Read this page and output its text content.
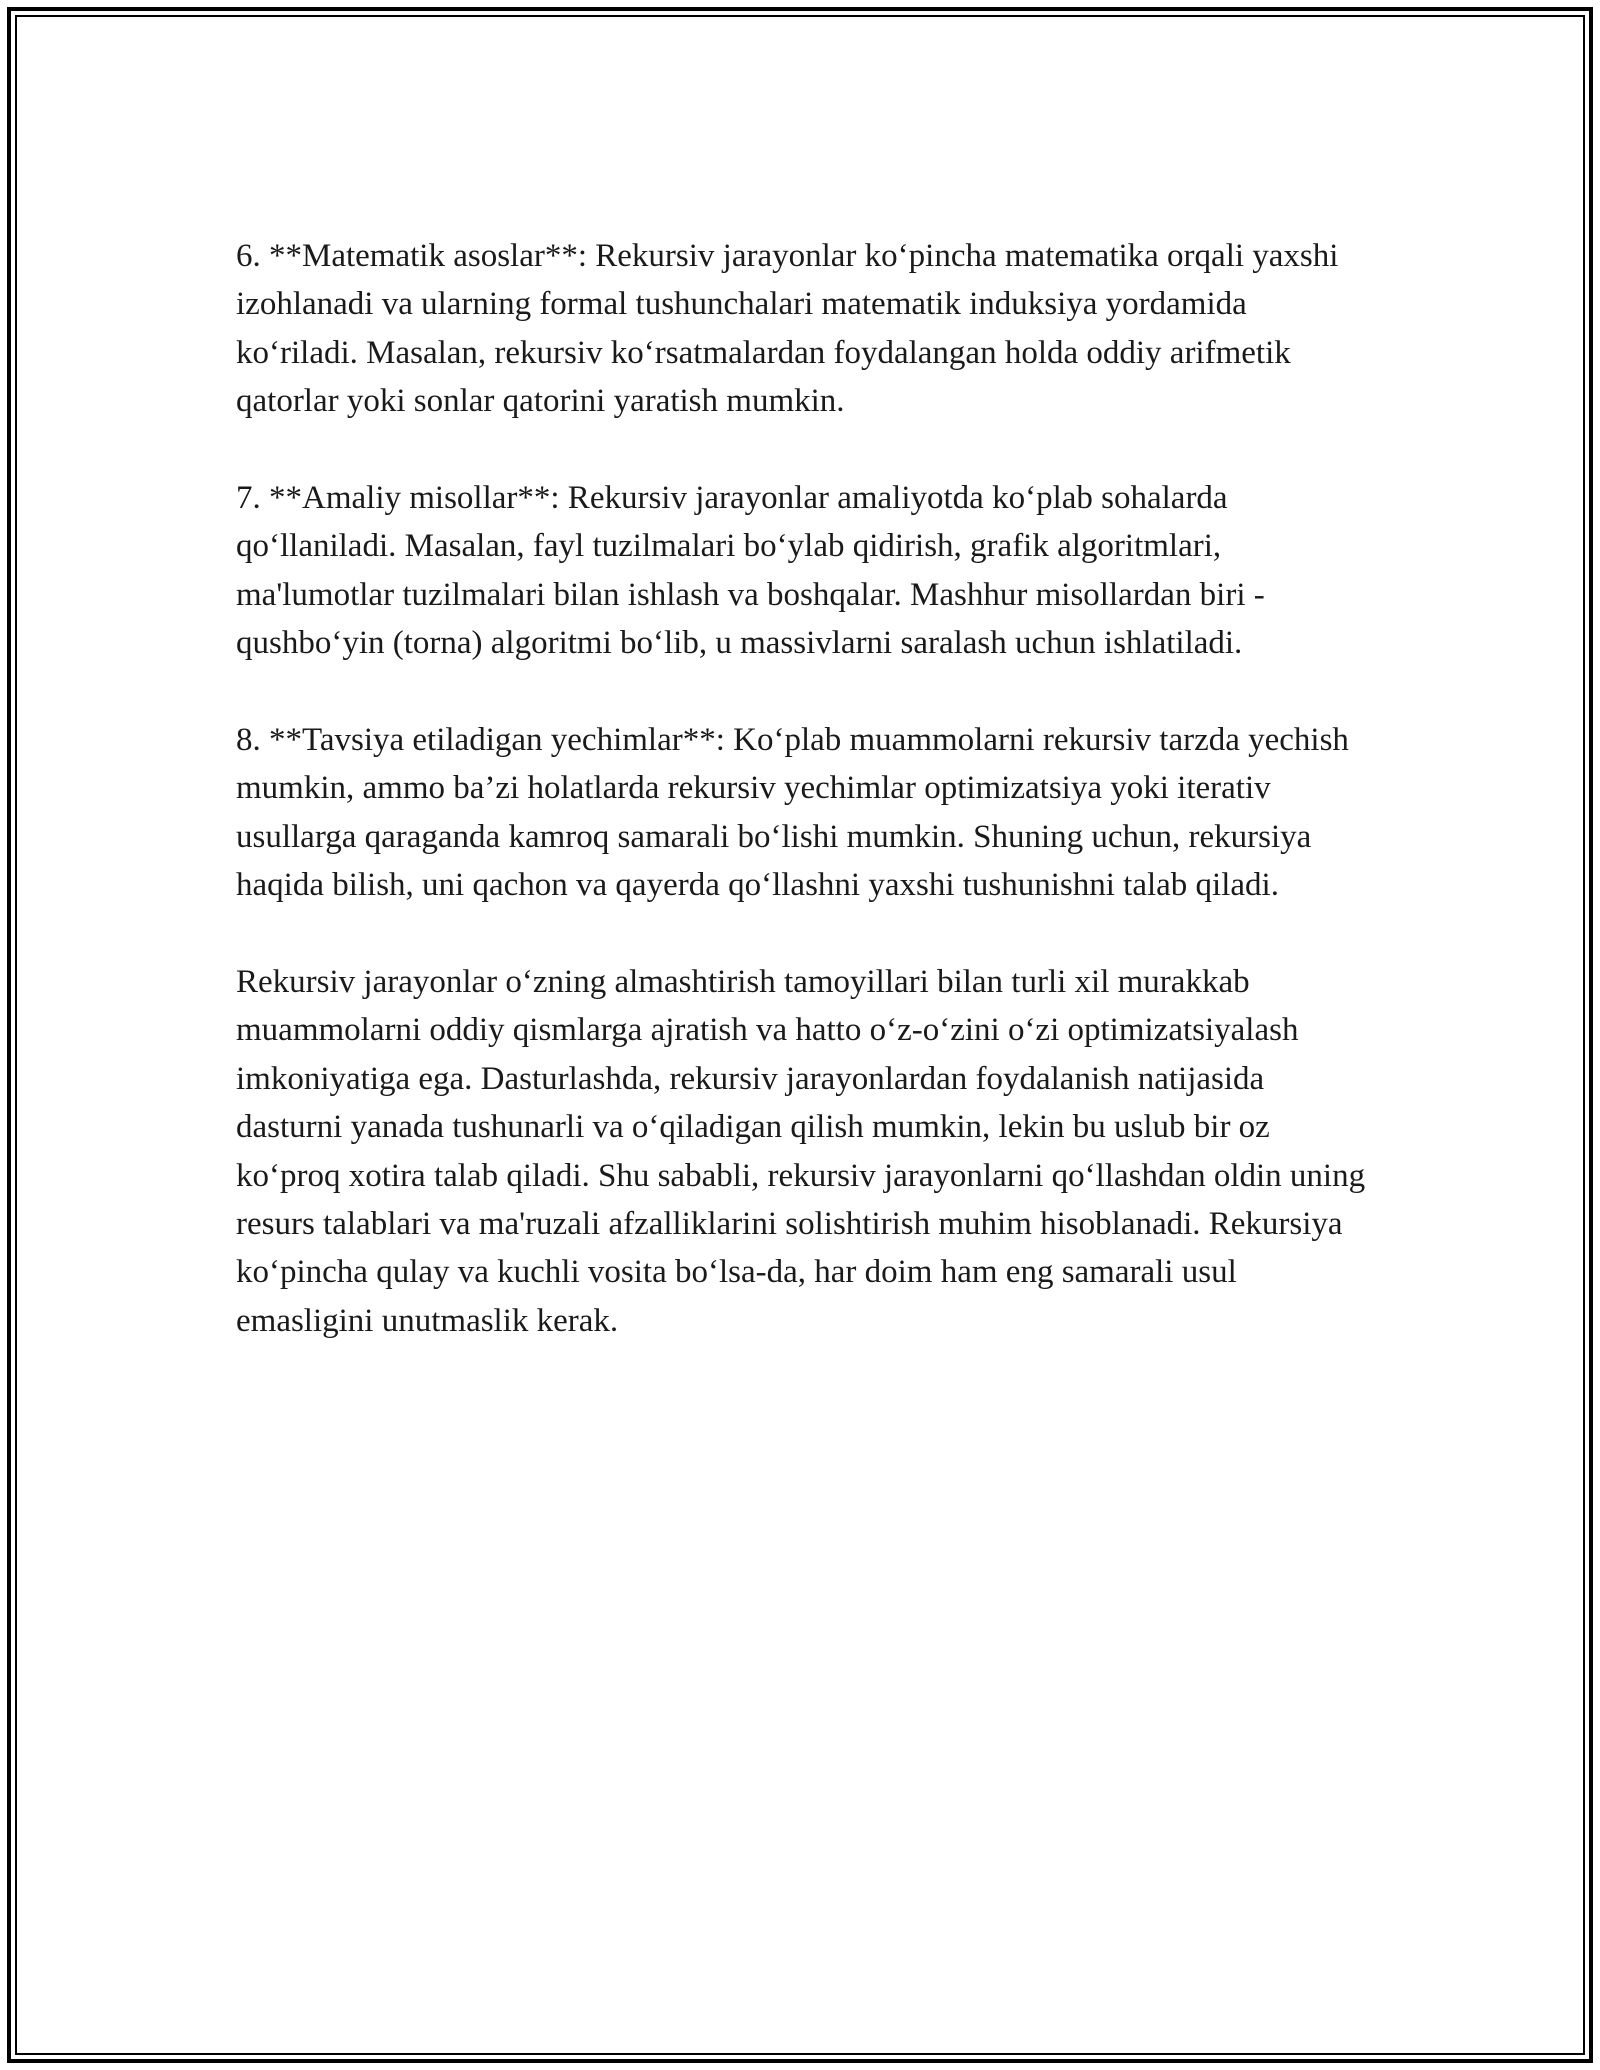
6. **Matematik asoslar**: Rekursiv jarayonlar ko‘pincha matematika orqali yaxshi izohlanadi va ularning formal tushunchalari matematik induksiya yordamida ko‘riladi. Masalan, rekursiv ko‘rsatmalardan foydalangan holda oddiy arifmetik qatorlar yoki sonlar qatorini yaratish mumkin.

7. **Amaliy misollar**: Rekursiv jarayonlar amaliyotda ko‘plab sohalarda qo‘llaniladi. Masalan, fayl tuzilmalari bo‘ylab qidirish, grafik algoritmlari, ma'lumotlar tuzilmalari bilan ishlash va boshqalar. Mashhur misollardan biri - qushbo‘yin (torna) algoritmi bo‘lib, u massivlarni saralash uchun ishlatiladi.

8. **Tavsiya etiladigan yechimlar**: Ko‘plab muammolarni rekursiv tarzda yechish mumkin, ammo ba’zi holatlarda rekursiv yechimlar optimizatsiya yoki iterativ usullarga qaraganda kamroq samarali bo‘lishi mumkin. Shuning uchun, rekursiya haqida bilish, uni qachon va qayerda qo‘llashni yaxshi tushunishni talab qiladi.

Rekursiv jarayonlar o‘zning almashtirish tamoyillari bilan turli xil murakkab muammolarni oddiy qismlarga ajratish va hatto o‘z-o‘zini o‘zi optimizatsiyalash imkoniyatiga ega. Dasturlashda, rekursiv jarayonlardan foydalanish natijasida dasturni yanada tushunarli va o‘qiladigan qilish mumkin, lekin bu uslub bir oz ko‘proq xotira talab qiladi. Shu sababli, rekursiv jarayonlarni qo‘llashdan oldin uning resurs talablari va ma'ruzali afzalliklarini solishtirish muhim hisoblanadi. Rekursiya ko‘pincha qulay va kuchli vosita bo‘lsa-da, har doim ham eng samarali usul emasligini unutmaslik kerak.
